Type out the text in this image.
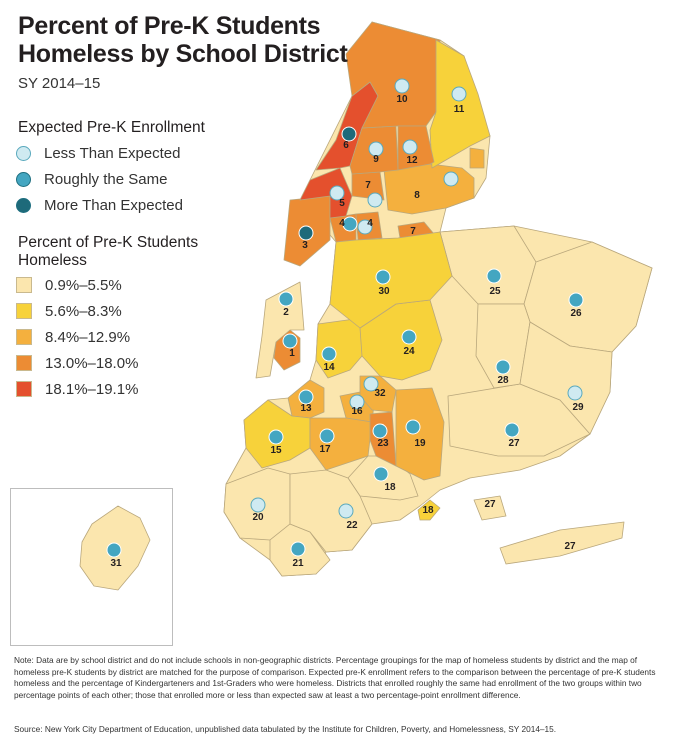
1
2
3
4 4
5
6
7
7
8
9
10
11
12
13
14
15
16
17
18
18
19
20
21
22
23
24
25
26
27
27
27
28
29
30
31
32
Percent of Pre-K Students Homeless by School District
SY 2014–15
Expected Pre-K Enrollment
Less Than Expected
Roughly the Same
More Than Expected
Percent of Pre-K Students Homeless
0.9%–5.5%
5.6%–8.3%
8.4%–12.9%
13.0%–18.0%
18.1%–19.1%
Note: Data are by school district and do not include schools in non-geographic districts. Percentage groupings for the map of homeless students by district and the map of homeless pre-K students by district are matched for the purpose of comparison. Expected pre-K enrollment refers to the comparison between the percentage of pre-K students homeless and the percentage of Kindergarteners and 1st-Graders who were homeless. Districts that enrolled roughly the same had enrollment of the two groups within two percentage points of each other; those that enrolled more or less than expected saw at least a two percentage-point enrollment difference.
Source: New York City Department of Education, unpublished data tabulated by the Institute for Children, Poverty, and Homelessness, SY 2014–15.
